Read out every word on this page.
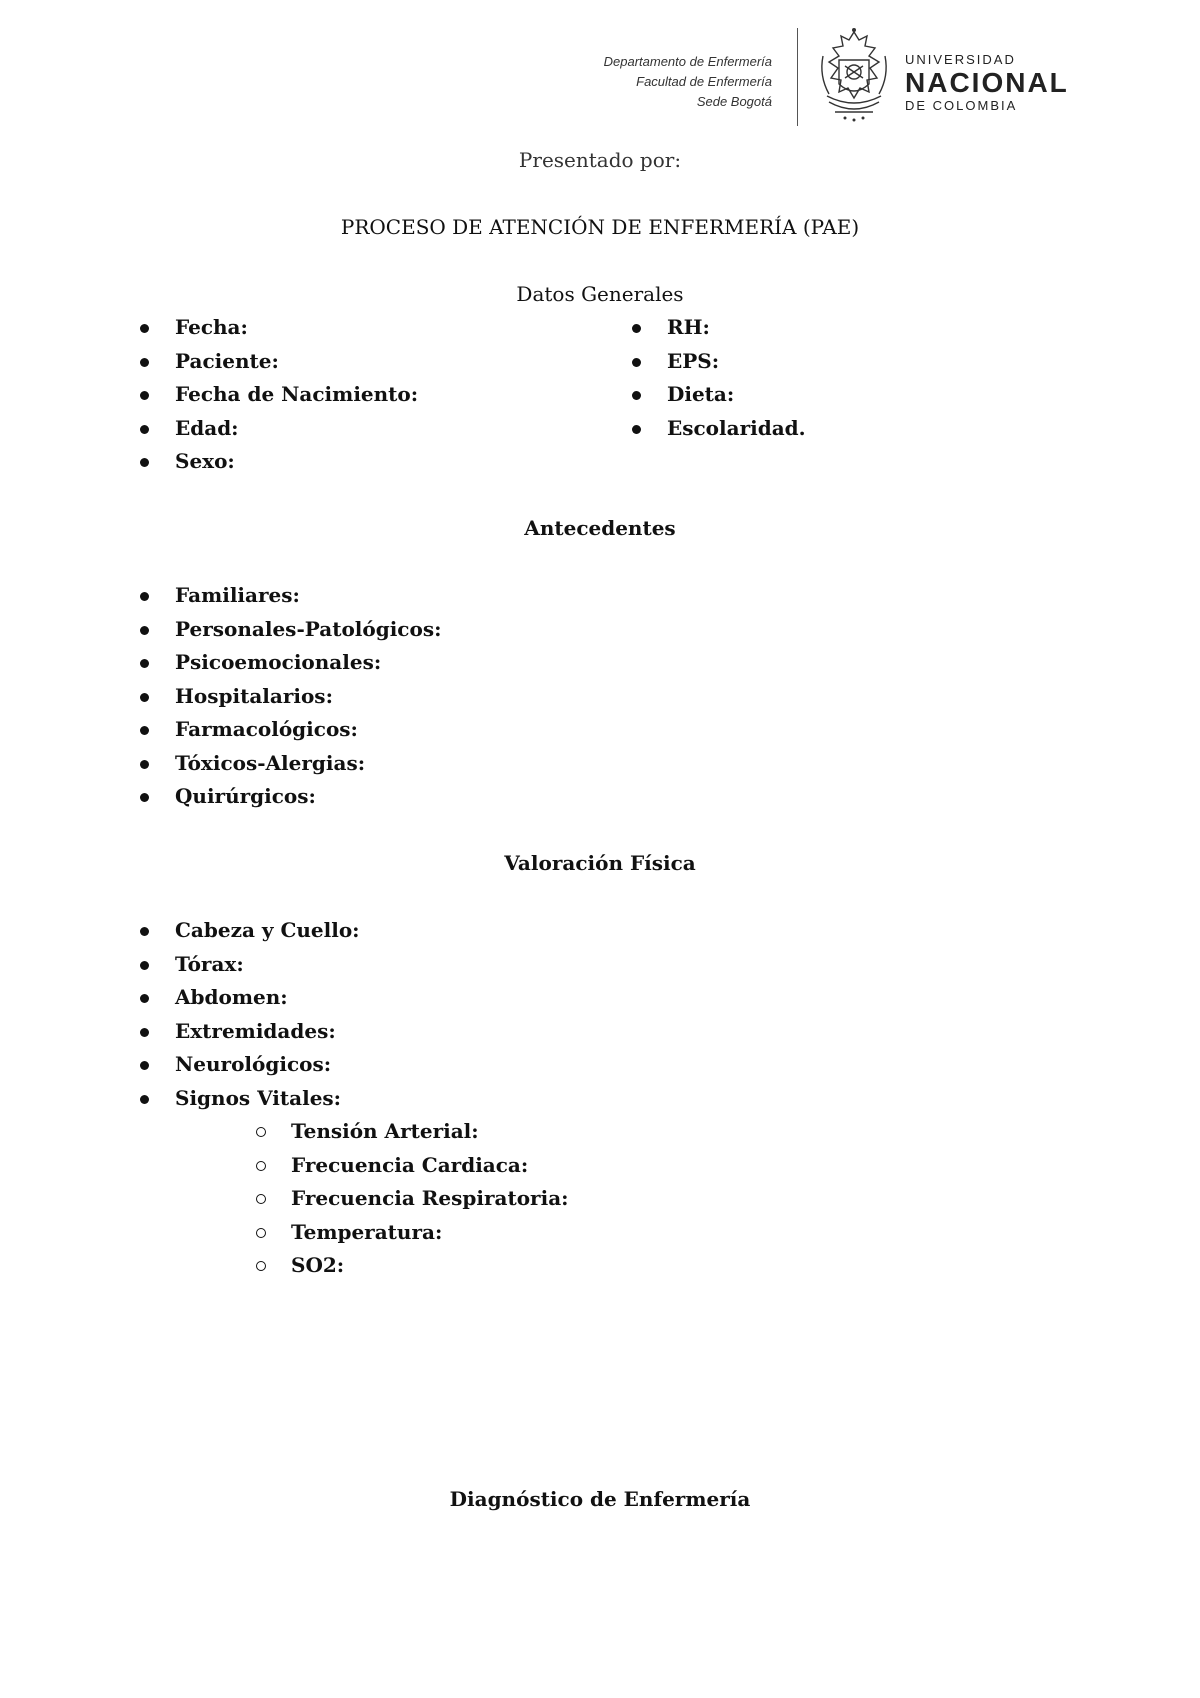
Departamento de Enfermería
Facultad de Enfermería
Sede Bogotá
UNIVERSIDAD
NACIONAL
DE COLOMBIA
Presentado por:
PROCESO DE ATENCIÓN DE ENFERMERÍA (PAE)
Datos Generales
Fecha:
Paciente:
Fecha de Nacimiento:
Edad:
Sexo:
RH:
EPS:
Dieta:
Escolaridad.
Antecedentes
Familiares:
Personales-Patológicos:
Psicoemocionales:
Hospitalarios:
Farmacológicos:
Tóxicos-Alergias:
Quirúrgicos:
Valoración Física
Cabeza y Cuello:
Tórax:
Abdomen:
Extremidades:
Neurológicos:
Signos Vitales:
Tensión Arterial:
Frecuencia Cardiaca:
Frecuencia Respiratoria:
Temperatura:
SO2:
Diagnóstico de Enfermería
